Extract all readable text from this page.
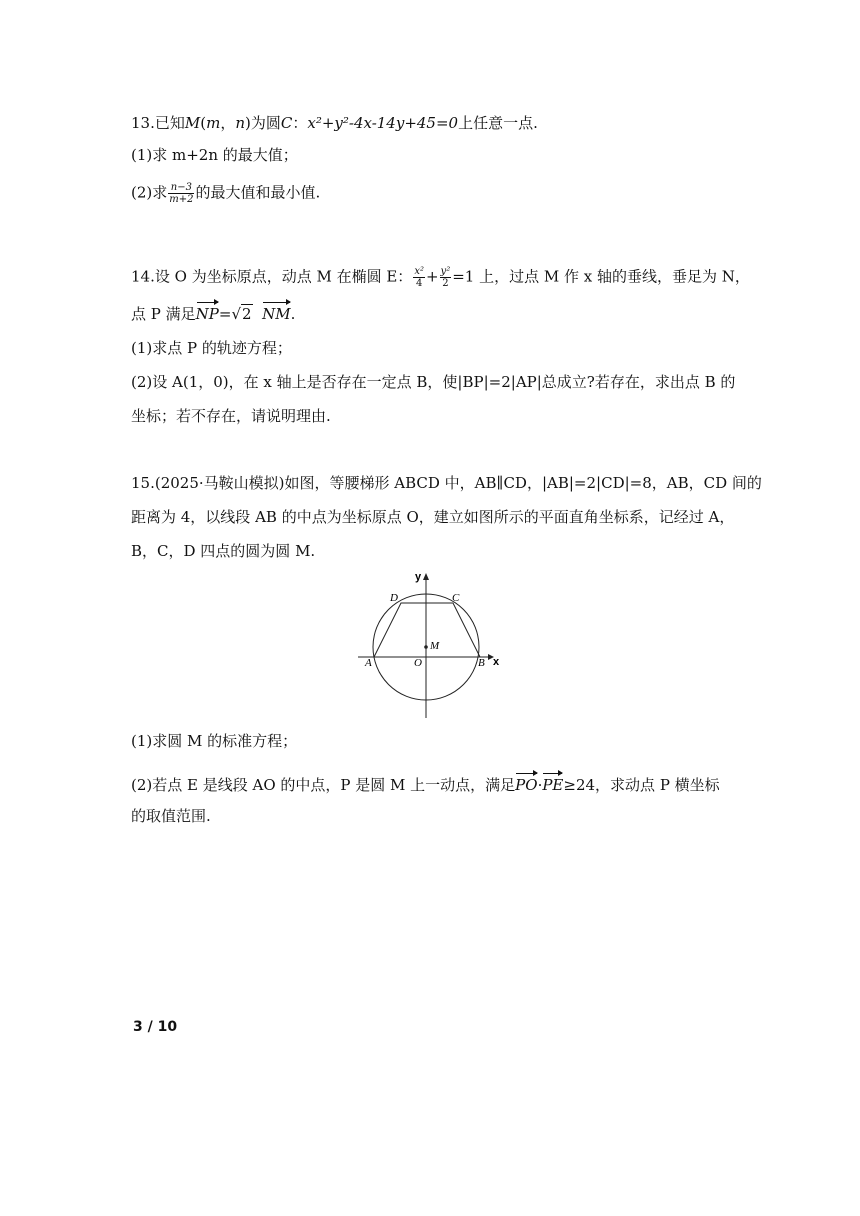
13.已知M(m，n)为圆C：x²+y²-4x-14y+45=0上任意一点.
(1)求 m+2n 的最大值；
(2)求 $\frac{n-3}{m+2}$ 的最大值和最小值.
14.设 O 为坐标原点，动点 M 在椭圆 E： $\frac{\text{x²}}{4} + \frac{\text{y²}}{2} =1$ 上，过点 M 作 x 轴的垂线，垂足为 N，
点 P 满足NP=√2 NM.
(1)求点 P 的轨迹方程；
(2)设 A(1，0)，在 x 轴上是否存在一定点 B，使|BP|=2|AP|总成立?若存在，求出点 B 的
坐标；若不存在，请说明理由.
15.(2025·马鞍山模拟)如图，等腰梯形 ABCD 中，AB∥CD，|AB|=2|CD|=8，AB，CD 间的
距离为 4，以线段 AB 的中点为坐标原点 O，建立如图所示的平面直角坐标系，记经过 A，
B，C，D 四点的圆为圆 M.
y
x
A	B
C
D
O
M
(1)求圆 M 的标准方程；
(2)若点 E 是线段 AO 的中点，P 是圆 M 上一动点，满足PO·PE≥24，求动点 P 横坐标
的取值范围.
3 / 10
